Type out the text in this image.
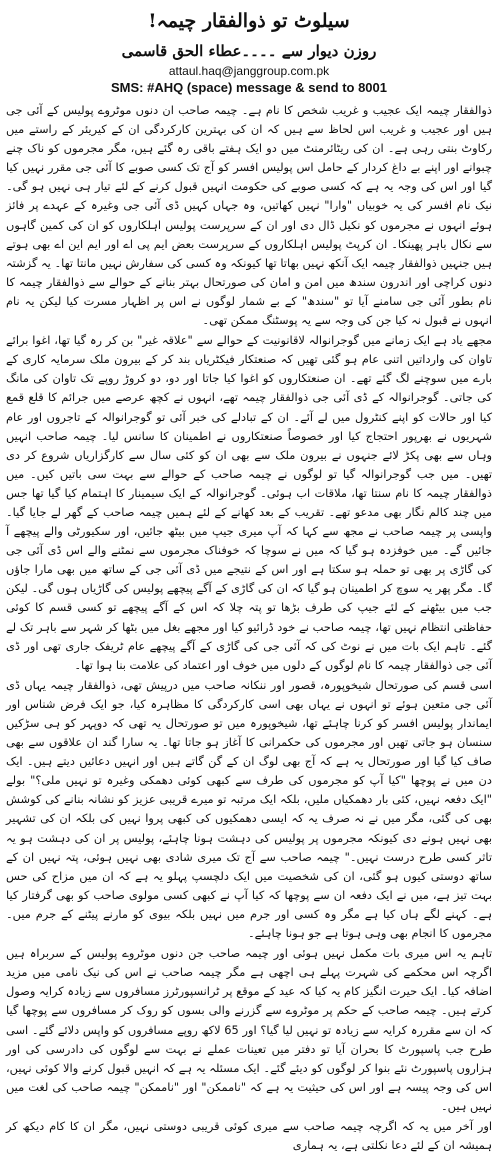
سیلوٹ تو ذوالفقار چیمہ!
روزن دیوار سے ۔۔۔۔عطاء الحق قاسمی
attaul.haq@janggroup.com.pk
SMS: #AHQ (space) message & send to 8001

ذوالفقار چیمہ ایک عجیب و غریب شخص کا نام ہے۔ چیمہ صاحب ان دنوں موٹروے پولیس کے آئی جی ہیں اور عجیب و غریب اس لحاظ سے ہیں کہ ان کی بہترین کارکردگی ان کے کیریئر کے راستے میں رکاوٹ بنتی رہی ہے۔ ان کی ریٹائرمنٹ میں دو ایک ہفتے باقی رہ گئے ہیں، مگر مجرموں کو ناک چنے چبوانے اور اپنے بے داغ کردار کے حامل اس پولیس افسر کو آج تک کسی صوبے کا آئی جی مقرر نہیں کیا گیا اور اس کی وجہ یہ ہے کہ کسی صوبے کی حکومت انہیں قبول کرنے کے لئے تیار ہی نہیں ہو گی۔ نیک نام افسر کی یہ خوبیاں "وارا" نہیں کھاتیں، وہ جہاں کہیں ڈی آئی جی وغیرہ کے عہدے پر فائز ہوئے انہوں نے مجرموں کو نکیل ڈال دی اور ان کے سرپرست پولیس اہلکاروں کو ان کی کمین گاہوں سے نکال باہر پھینکا۔ ان کرپٹ پولیس اہلکاروں کے سرپرست بعض ایم پی اے اور ایم این اے بھی ہوتے ہیں جنہیں ذوالفقار چیمہ ایک آنکھ نہیں بھاتا تھا کیونکہ وہ کسی کی سفارش نہیں مانتا تھا۔ یہ گزشتہ دنوں کراچی اور اندرون سندھ میں امن و امان کی صورتحال بہتر بنانے کے حوالے سے ذوالفقار چیمہ کا نام بطور آئی جی سامنے آیا تو "سندھ" کے بے شمار لوگوں نے اس پر اظہار مسرت کیا لیکن یہ نام انہوں نے قبول نہ کیا جن کی وجہ سے یہ پوسٹنگ ممکن تھی۔

مجھے یاد ہے ایک زمانے میں گوجرانوالہ لاقانونیت کے حوالے سے "علاقہ غیر" بن کر رہ گیا تھا، اغوا برائے تاوان کی وارداتیں اتنی عام ہو گئی تھیں کہ صنعتکار فیکٹریاں بند کر کے بیرون ملک سرمایہ کاری کے بارے میں سوچنے لگ گئے تھے۔ ان صنعتکاروں کو اغوا کیا جاتا اور دو، دو کروڑ روپے تک تاوان کی مانگ کی جاتی۔ گوجرانوالہ کے ڈی آئی جی ذوالفقار چیمہ تھے، انہوں نے کچھ عرصے میں جرائم کا قلع قمع کیا اور حالات کو اپنے کنٹرول میں لے آئے۔ ان کے تبادلے کی خبر آئی تو گوجرانوالہ کے تاجروں اور عام شہریوں نے بھرپور احتجاج کیا اور خصوصاً صنعتکاروں نے اطمینان کا سانس لیا۔ چیمہ صاحب انہیں وہاں سے بھی پکڑ لائے جنہوں نے بیرون ملک سے بھی ان کو کئی سال سے کارگزاریاں شروع کر دی تھیں۔ میں جب گوجرانوالہ گیا تو لوگوں نے چیمہ صاحب کے حوالے سے بہت سی باتیں کیں۔ میں ذوالفقار چیمہ کا نام سنتا تھا، ملاقات اب ہوئی۔ گوجرانوالہ کے ایک سیمینار کا اہتمام کیا گیا تھا جس میں چند کالم نگار بھی مدعو تھے۔ تقریب کے بعد کھانے کے لئے ہمیں چیمہ صاحب کے گھر لے جایا گیا۔ واپسی پر چیمہ صاحب نے مجھ سے کہا کہ آپ میری جیپ میں بیٹھ جائیں، اور سکیورٹی والے پیچھے آ جائیں گے۔ میں خوفزدہ ہو گیا کہ میں نے سوچا کہ خوفناک مجرموں سے نمٹنے والے اس ڈی آئی جی کی گاڑی پر بھی تو حملہ ہو سکتا ہے اور اس کے نتیجے میں ڈی آئی جی کے ساتھ میں بھی مارا جاؤں گا۔ مگر پھر یہ سوچ کر اطمینان ہو گیا کہ ان کی گاڑی کے آگے پیچھے پولیس کی گاڑیاں ہوں گی۔ لیکن جب میں بیٹھنے کے لئے جیپ کی طرف بڑھا تو پتہ چلا کہ اس کے آگے پیچھے تو کسی قسم کا کوئی حفاظتی انتظام نہیں تھا، چیمہ صاحب نے خود ڈرائیو کیا اور مجھے بغل میں بٹھا کر شہر سے باہر تک لے گئے۔ تاہم ایک بات میں نے نوٹ کی کہ آئی جی کی گاڑی کے آگے پیچھے عام ٹریفک جاری تھی اور ڈی آئی جی ذوالفقار چیمہ کا نام لوگوں کے دلوں میں خوف اور اعتماد کی علامت بنا ہوا تھا۔

اسی قسم کی صورتحال شیخوپورہ، قصور اور ننکانہ صاحب میں درپیش تھی، ذوالفقار چیمہ یہاں ڈی آئی جی متعین ہوئے تو انہوں نے یہاں بھی اسی کارکردگی کا مظاہرہ کیا، جو ایک فرض شناس اور ایماندار پولیس افسر کو کرنا چاہئے تھا، شیخوپورہ میں تو صورتحال یہ تھی کہ دوپہر کو ہی سڑکیں سنسان ہو جاتی تھیں اور مجرموں کی حکمرانی کا آغاز ہو جاتا تھا۔ یہ سارا گند ان علاقوں سے بھی صاف کیا گیا اور صورتحال یہ ہے کہ آج بھی لوگ ان کے گن گاتے ہیں اور انہیں دعائیں دیتے ہیں۔ ایک دن میں نے پوچھا "کیا آپ کو مجرموں کی طرف سے کبھی کوئی دھمکی وغیرہ تو نہیں ملی؟" بولے "ایک دفعہ نہیں، کئی بار دھمکیاں ملیں، بلکہ ایک مرتبہ تو میرے قریبی عزیز کو نشانہ بنانے کی کوشش بھی کی گئی، مگر میں نے نہ صرف یہ کہ ایسی دھمکیوں کی کبھی پروا نہیں کی بلکہ ان کی تشہیر بھی نہیں ہونے دی کیونکہ مجرموں پر پولیس کی دہشت ہونا چاہئے، پولیس پر ان کی دہشت ہو یہ تاثر کسی طرح درست نہیں۔" چیمہ صاحب سے آج تک میری شادی بھی نہیں ہوئی، پتہ نہیں ان کے ساتھ دوستی کیوں ہو گئی، ان کی شخصیت میں ایک دلچسپ پہلو یہ ہے کہ ان میں مزاح کی حس بہت تیز ہے، میں نے ایک دفعہ ان سے پوچھا کہ کیا آپ نے کبھی کسی مولوی صاحب کو بھی گرفتار کیا ہے۔ کہنے لگے ہاں کیا ہے مگر وہ کسی اور جرم میں نہیں بلکہ بیوی کو مارنے پیٹنے کے جرم میں۔ مجرموں کا انجام بھی وہی ہوتا ہے جو ہونا چاہئے۔

تاہم یہ اس میری بات مکمل نہیں ہوئی اور چیمہ صاحب جن دنوں موٹروے پولیس کے سربراہ ہیں اگرچہ اس محکمے کی شہرت پہلے ہی اچھی ہے مگر چیمہ صاحب نے اس کی نیک نامی میں مزید اضافہ کیا۔ ایک حیرت انگیز کام یہ کیا کہ عید کے موقع پر ٹرانسپورٹرز مسافروں سے زیادہ کرایہ وصول کرتے ہیں۔ چیمہ صاحب کے حکم پر موٹروے سے گزرنے والی بسوں کو روک کر مسافروں سے پوچھا گیا کہ ان سے مقررہ کرایہ سے زیادہ تو نہیں لیا گیا؟ اور 65 لاکھ روپے مسافروں کو واپس دلائے گئے۔ اسی طرح جب پاسپورٹ کا بحران آیا تو دفتر میں تعینات عملے نے بہت سے لوگوں کی دادرسی کی اور ہزاروں پاسپورٹ نئے بنوا کر لوگوں کو دیئے گئے۔ ایک مسئلہ یہ ہے کہ انہیں قبول کرنے والا کوئی نہیں، اس کی وجہ پیسہ ہے اور اس کی حیثیت یہ ہے کہ "ناممکن" اور "ناممکن" چیمہ صاحب کی لغت میں نہیں ہیں۔

اور آخر میں یہ کہ اگرچہ چیمہ صاحب سے میری کوئی قریبی دوستی نہیں، مگر ان کا کام دیکھ کر ہمیشہ ان کے لئے دعا نکلتی ہے، یہ ہماری
